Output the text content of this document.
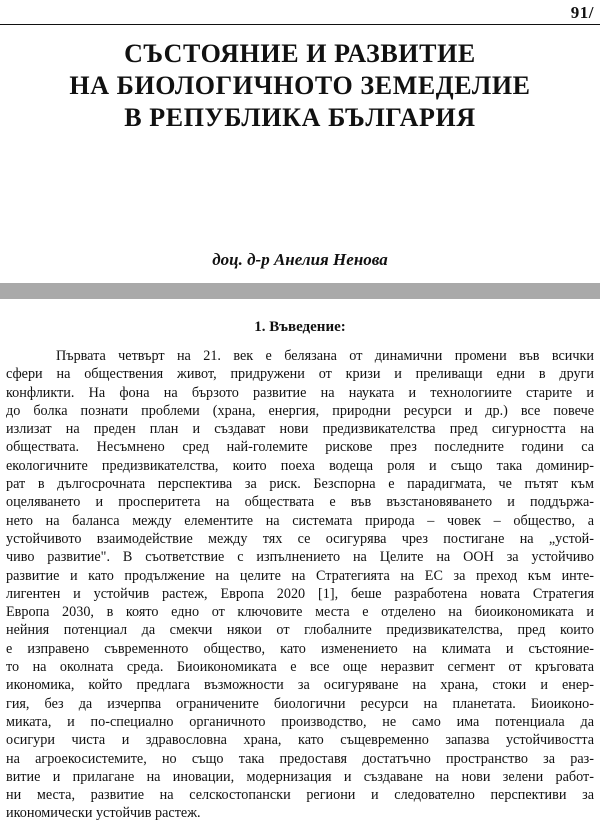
91/
СЪСТОЯНИЕ И РАЗВИТИЕ
НА БИОЛОГИЧНОТО ЗЕМЕДЕЛИЕ
В РЕПУБЛИКА БЪЛГАРИЯ
доц. д-р Анелия Ненова
1. Въведение:
Първата четвърт на 21. век е белязана от динамични промени във всички
сфери на обществения живот, придружени от кризи и преливащи едни в други
конфликти. На фона на бързото развитие на науката и технологиите старите и
до болка познати проблеми (храна, енергия, природни ресурси и др.) все повече
излизат на преден план и създават нови предизвикателства пред сигурността на
обществата. Несъмнено сред най-големите рискове през последните години са
екологичните предизвикателства, които поеха водеща роля и също така доминир-
рат в дългосрочната перспектива за риск. Безспорна е парадигмата, че пътят към
оцеляването и просперитета на обществата е във възстановяването и поддържа-
нето на баланса между елементите на системата природа – човек – общество, а
устойчивото взаимодействие между тях се осигурява чрез постигане на „устой-
чиво развитие". В съответствие с изпълнението на Целите на ООН за устойчиво
развитие и като продължение на целите на Стратегията на ЕС за преход към инте-
лигентен и устойчив растеж, Европа 2020 [1], беше разработена новата Стратегия
Европа 2030, в която едно от ключовите места е отделено на биоикономиката и
нейния потенциал да смекчи някои от глобалните предизвикателства, пред които
е изправено съвременното общество, като изменението на климата и състояние-
то на околната среда. Биоикономиката е все още неразвит сегмент от кръговата
икономика, който предлага възможности за осигуряване на храна, стоки и енер-
гия, без да изчерпва ограничените биологични ресурси на планетата. Биоиконо-
миката, и по-специално органичното производство, не само има потенциала да
осигури чиста и здравословна храна, като същевременно запазва устойчивостта
на агроекосистемите, но също така предоставя достатъчно пространство за раз-
витие и прилагане на иновации, модернизация и създаване на нови зелени работ-
ни места, развитие на селскостопански региони и следователно перспективи за
икономически устойчив растеж.
